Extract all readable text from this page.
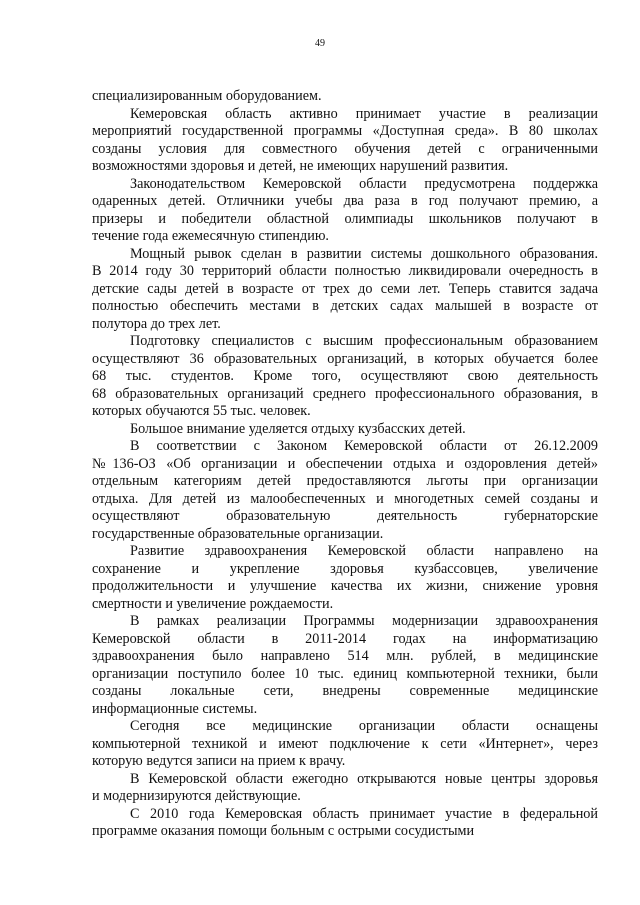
49
специализированным оборудованием.
Кемеровская область активно принимает участие в реализации
мероприятий государственной программы «Доступная среда». В 80 школах
созданы условия для совместного обучения детей с ограниченными
возможностями здоровья и детей, не имеющих нарушений развития.
Законодательством Кемеровской области предусмотрена поддержка
одаренных детей. Отличники учебы два раза в год получают премию, а
призеры и победители областной олимпиады школьников получают в
течение года ежемесячную стипендию.
Мощный рывок сделан в развитии системы дошкольного образования.
В 2014 году 30 территорий области полностью ликвидировали очередность в
детские сады детей в возрасте от трех до семи лет. Теперь ставится задача
полностью обеспечить местами в детских садах малышей в возрасте от
полутора до трех лет.
Подготовку специалистов с высшим профессиональным образованием
осуществляют 36 образовательных организаций, в которых обучается более
68 тыс. студентов. Кроме того, осуществляют свою деятельность
68 образовательных организаций среднего профессионального образования, в
которых обучаются 55 тыс. человек.
Большое внимание уделяется отдыху кузбасских детей.
В соответствии с Законом Кемеровской области от 26.12.2009
№136-ОЗ «Об организации и обеспечении отдыха и оздоровления детей»
отдельным категориям детей предоставляются льготы при организации
отдыха. Для детей из малообеспеченных и многодетных семей созданы и
осуществляют образовательную деятельность губернаторские
государственные образовательные организации.
Развитие здравоохранения Кемеровской области направлено на
сохранение и укрепление здоровья кузбассовцев, увеличение
продолжительности и улучшение качества их жизни, снижение уровня
смертности и увеличение рождаемости.
В рамках реализации Программы модернизации здравоохранения
Кемеровской области в 2011-2014 годах на информатизацию
здравоохранения было направлено 514 млн. рублей, в медицинские
организации поступило более 10 тыс. единиц компьютерной техники, были
созданы локальные сети, внедрены современные медицинские
информационные системы.
Сегодня все медицинские организации области оснащены
компьютерной техникой и имеют подключение к сети «Интернет», через
которую ведутся записи на прием к врачу.
В Кемеровской области ежегодно открываются новые центры здоровья
и модернизируются действующие.
С 2010 года Кемеровская область принимает участие в федеральной
программе оказания помощи больным с острыми сосудистыми
